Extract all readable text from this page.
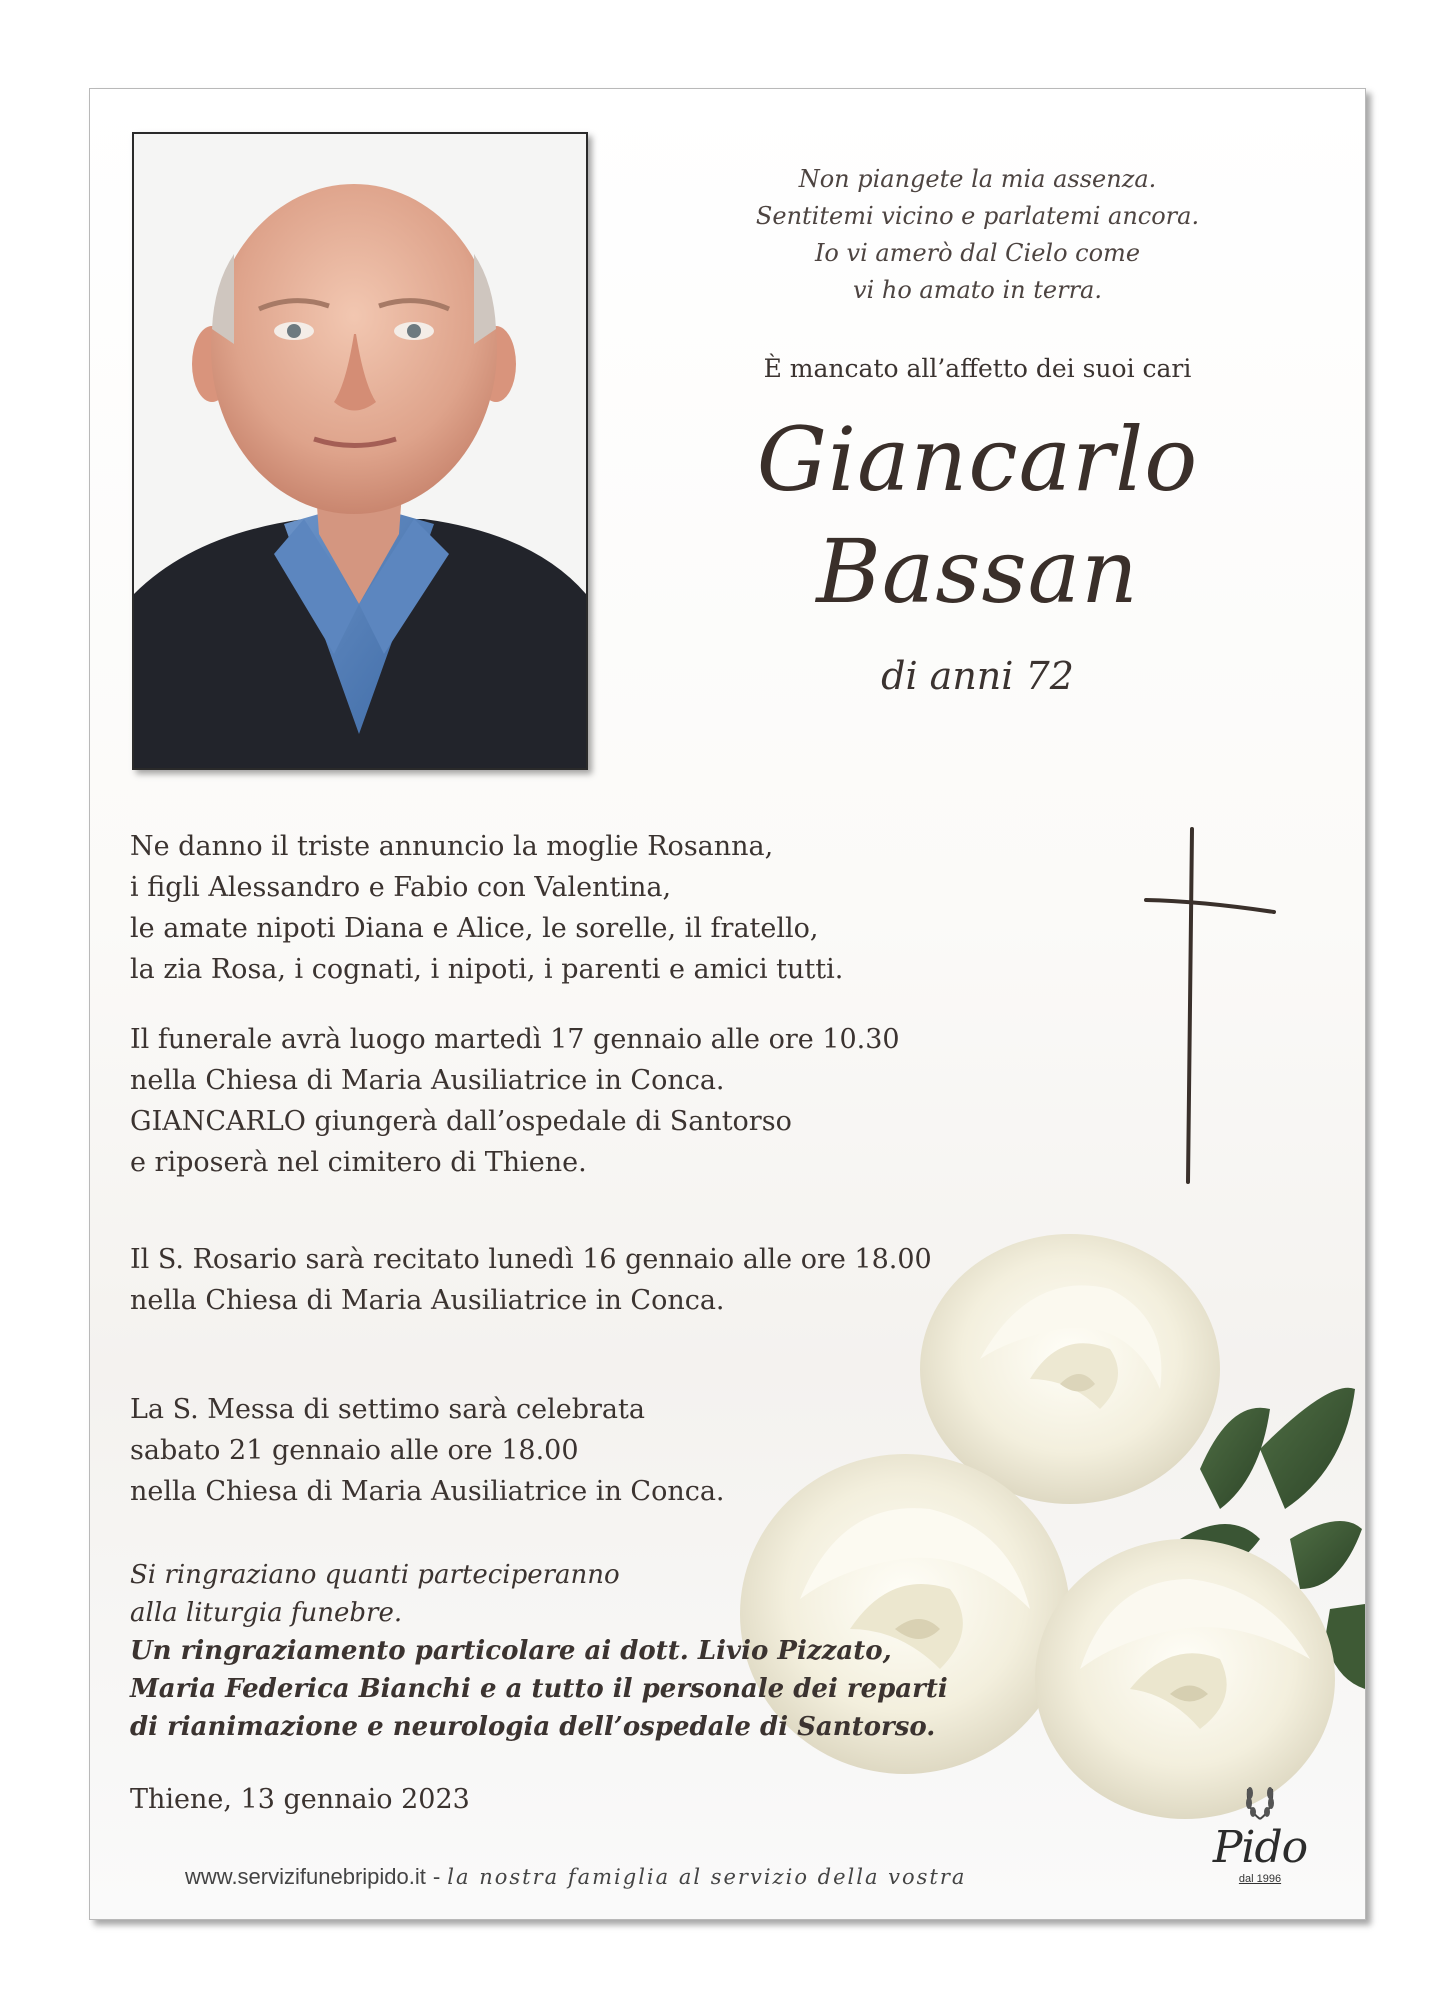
Non piangete la mia assenza.
Sentitemi vicino e parlatemi ancora.
Io vi amerò dal Cielo come
vi ho amato in terra.
È mancato all’affetto dei suoi cari
Giancarlo
Bassan
di anni 72
Ne danno il triste annuncio la moglie Rosanna,
i figli Alessandro e Fabio con Valentina,
le amate nipoti Diana e Alice, le sorelle, il fratello,
la zia Rosa, i cognati, i nipoti, i parenti e amici tutti.
Il funerale avrà luogo martedì 17 gennaio alle ore 10.30
nella Chiesa di Maria Ausiliatrice in Conca.
GIANCARLO giungerà dall’ospedale di Santorso
e riposerà nel cimitero di Thiene.
Il S. Rosario sarà recitato lunedì 16 gennaio alle ore 18.00
nella Chiesa di Maria Ausiliatrice in Conca.
La S. Messa di settimo sarà celebrata
sabato 21 gennaio alle ore 18.00
nella Chiesa di Maria Ausiliatrice in Conca.
Si ringraziano quanti parteciperanno
alla liturgia funebre.
Un ringraziamento particolare ai dott. Livio Pizzato,
Maria Federica Bianchi e a tutto il personale dei reparti
di rianimazione e neurologia dell’ospedale di Santorso.
Thiene, 13 gennaio 2023
Pido
dal 1996
www.servizifunebripido.it - la nostra famiglia al servizio della vostra
